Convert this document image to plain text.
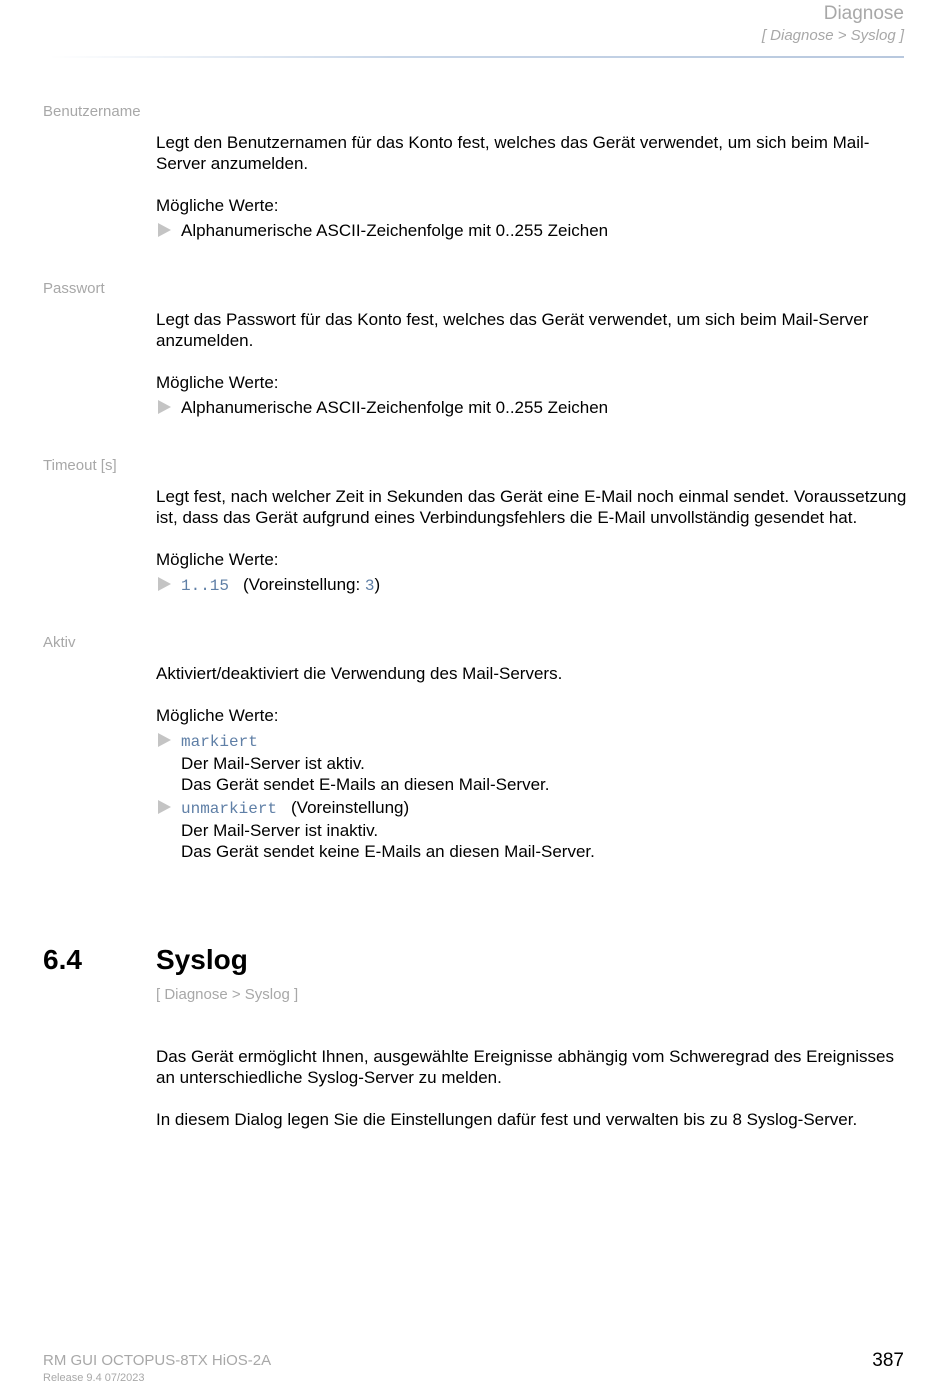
Diagnose
[ Diagnose > Syslog ]
Benutzername
Legt den Benutzernamen für das Konto fest, welches das Gerät verwendet, um sich beim Mail-Server anzumelden.
Mögliche Werte:
Alphanumerische ASCII-Zeichenfolge mit 0..255 Zeichen
Passwort
Legt das Passwort für das Konto fest, welches das Gerät verwendet, um sich beim Mail-Server anzumelden.
Mögliche Werte:
Alphanumerische ASCII-Zeichenfolge mit 0..255 Zeichen
Timeout [s]
Legt fest, nach welcher Zeit in Sekunden das Gerät eine E-Mail noch einmal sendet. Voraussetzung ist, dass das Gerät aufgrund eines Verbindungsfehlers die E-Mail unvollständig gesendet hat.
Mögliche Werte:
1..15 (Voreinstellung: 3)
Aktiv
Aktiviert/deaktiviert die Verwendung des Mail-Servers.
Mögliche Werte:
markiert
Der Mail-Server ist aktiv.
Das Gerät sendet E-Mails an diesen Mail-Server.
unmarkiert (Voreinstellung)
Der Mail-Server ist inaktiv.
Das Gerät sendet keine E-Mails an diesen Mail-Server.
6.4	Syslog
[ Diagnose > Syslog ]
Das Gerät ermöglicht Ihnen, ausgewählte Ereignisse abhängig vom Schweregrad des Ereignisses an unterschiedliche Syslog-Server zu melden.
In diesem Dialog legen Sie die Einstellungen dafür fest und verwalten bis zu 8 Syslog-Server.
RM GUI OCTOPUS-8TX HiOS-2A
Release 9.4 07/2023
387
